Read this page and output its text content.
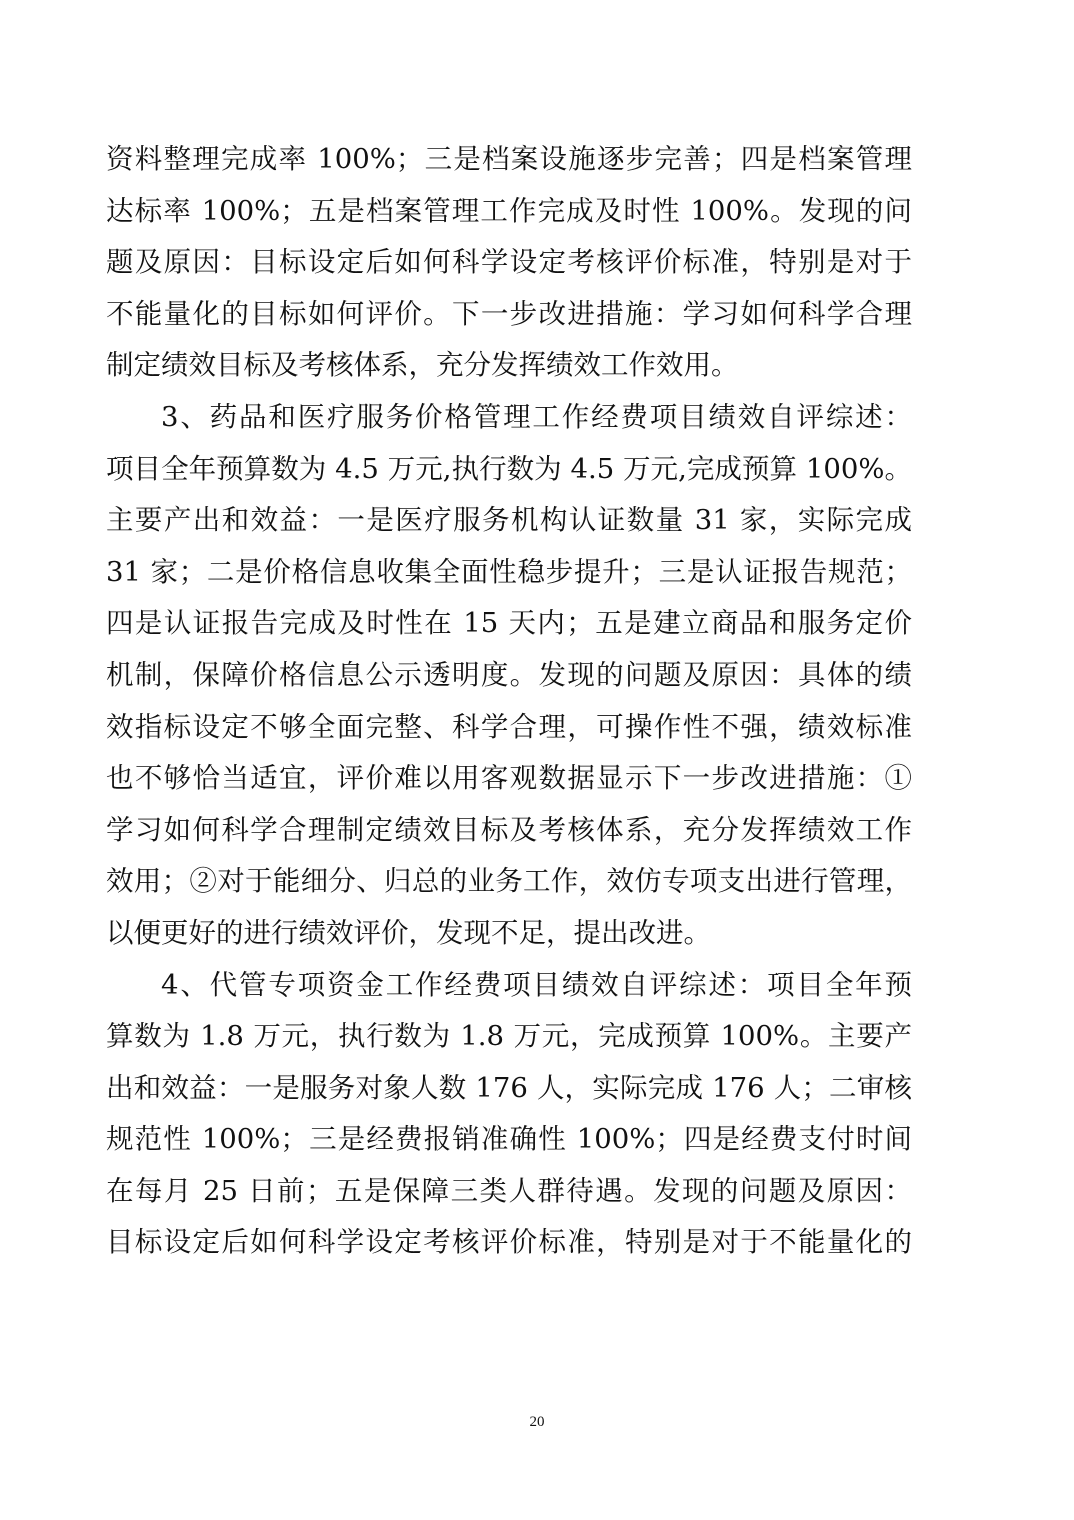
资料整理完成率 100%；三是档案设施逐步完善；四是档案管理
达标率 100%；五是档案管理工作完成及时性 100%。发现的问
题及原因：目标设定后如何科学设定考核评价标准，特别是对于
不能量化的目标如何评价。下一步改进措施：学习如何科学合理
制定绩效目标及考核体系，充分发挥绩效工作效用。
3、药品和医疗服务价格管理工作经费项目绩效自评综述：
项目全年预算数为 4.5 万元,执行数为 4.5 万元,完成预算 100%。
主要产出和效益：一是医疗服务机构认证数量 31 家，实际完成
31 家；二是价格信息收集全面性稳步提升；三是认证报告规范；
四是认证报告完成及时性在 15 天内；五是建立商品和服务定价
机制，保障价格信息公示透明度。发现的问题及原因：具体的绩
效指标设定不够全面完整、科学合理，可操作性不强，绩效标准
也不够恰当适宜，评价难以用客观数据显示下一步改进措施：①
学习如何科学合理制定绩效目标及考核体系，充分发挥绩效工作
效用；②对于能细分、归总的业务工作，效仿专项支出进行管理，
以便更好的进行绩效评价，发现不足，提出改进。
4、代管专项资金工作经费项目绩效自评综述：项目全年预
算数为 1.8 万元，执行数为 1.8 万元，完成预算 100%。主要产
出和效益：一是服务对象人数 176 人，实际完成 176 人；二审核
规范性 100%；三是经费报销准确性 100%；四是经费支付时间
在每月 25 日前；五是保障三类人群待遇。发现的问题及原因：
目标设定后如何科学设定考核评价标准，特别是对于不能量化的
20
